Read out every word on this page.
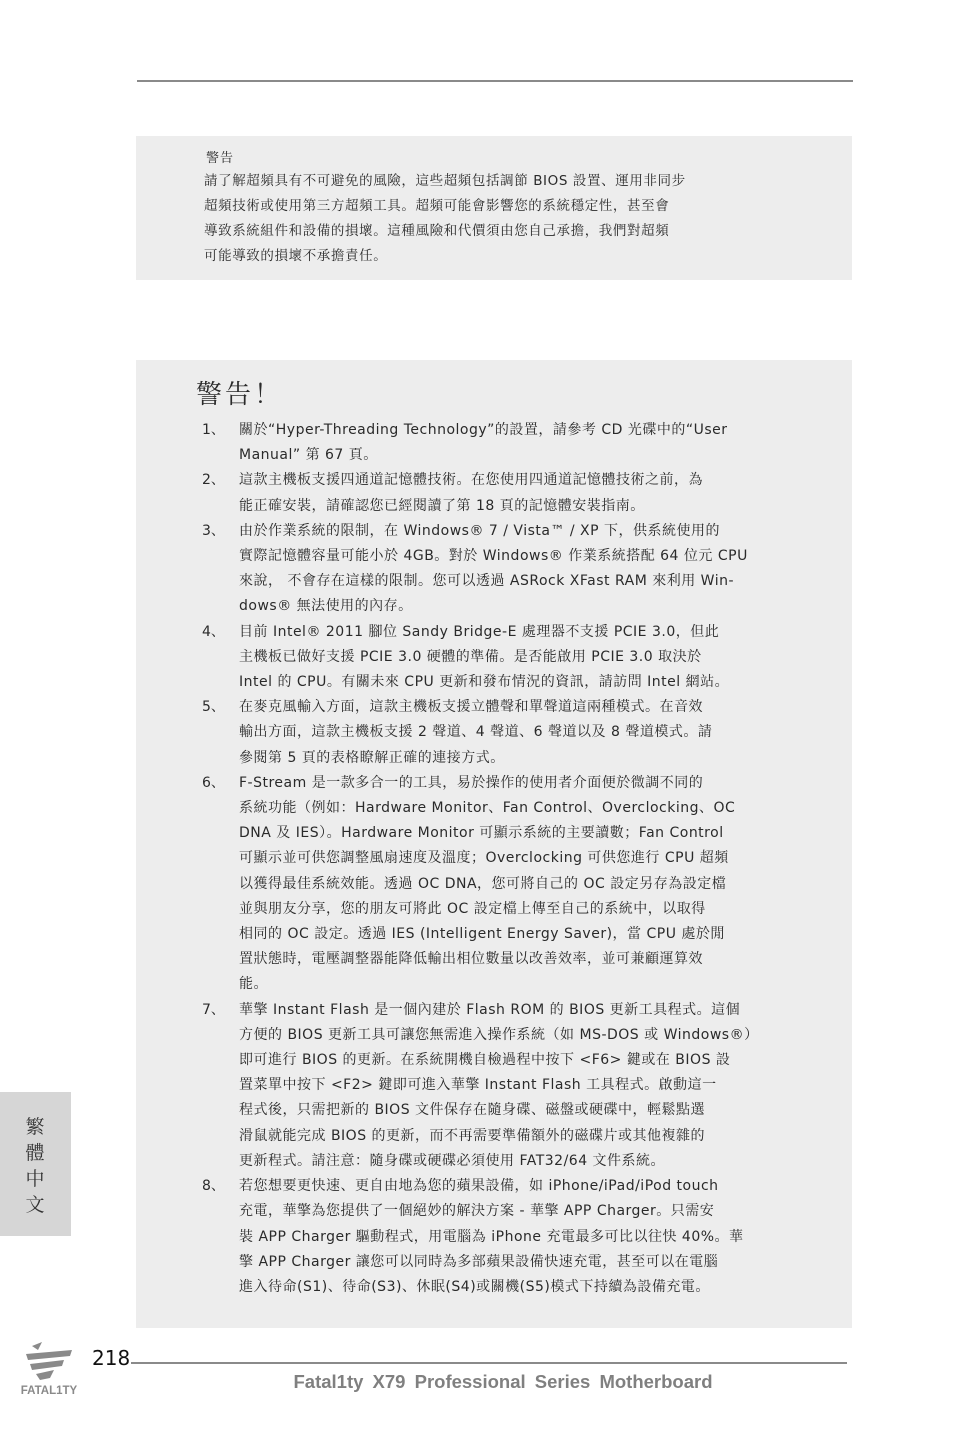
警告
請了解超頻具有不可避免的風險，這些超頻包括調節 BIOS 設置、運用非同步
超頻技術或使用第三方超頻工具。超頻可能會影響您的系統穩定性，甚至會
導致系統組件和設備的損壞。這種風險和代價須由您自己承擔，我們對超頻
可能導致的損壞不承擔責任。
警告！
1、 關於“Hyper-Threading Technology”的設置，請參考 CD 光碟中的“User
Manual” 第 67 頁。
2、 這款主機板支援四通道記憶體技術。在您使用四通道記憶體技術之前，為
能正確安裝，請確認您已經閱讀了第 18 頁的記憶體安裝指南。
3、 由於作業系統的限制，在 Windows® 7 / Vista™ / XP 下，供系統使用的
實際記憶體容量可能小於 4GB。對於 Windows® 作業系統搭配 64 位元 CPU
來說， 不會存在這樣的限制。您可以透過 ASRock XFast RAM 來利用 Win-
dows® 無法使用的內存。
4、 目前 Intel® 2011 腳位 Sandy Bridge-E 處理器不支援 PCIE 3.0，但此
主機板已做好支援 PCIE 3.0 硬體的準備。是否能啟用 PCIE 3.0 取決於
Intel 的 CPU。有關未來 CPU 更新和發布情況的資訊，請訪問 Intel 網站。
5、 在麥克風輸入方面，這款主機板支援立體聲和單聲道這兩種模式。在音效
輸出方面，這款主機板支援 2 聲道、4 聲道、6 聲道以及 8 聲道模式。請
參閱第 5 頁的表格瞭解正確的連接方式。
6、 F-Stream 是一款多合一的工具，易於操作的使用者介面便於微調不同的
系統功能（例如：Hardware Monitor、Fan Control、Overclocking、OC
DNA 及 IES）。Hardware Monitor 可顯示系統的主要讀數；Fan Control
可顯示並可供您調整風扇速度及溫度；Overclocking 可供您進行 CPU 超頻
以獲得最佳系統效能。透過 OC DNA，您可將自己的 OC 設定另存為設定檔
並與朋友分享，您的朋友可將此 OC 設定檔上傳至自己的系統中，以取得
相同的 OC 設定。透過 IES (Intelligent Energy Saver)，當 CPU 處於閒
置狀態時，電壓調整器能降低輸出相位數量以改善效率，並可兼顧運算效
能。
7、 華擎 Instant Flash 是一個內建於 Flash ROM 的 BIOS 更新工具程式。這個
方便的 BIOS 更新工具可讓您無需進入操作系統（如 MS-DOS 或 Windows®）
即可進行 BIOS 的更新。在系統開機自檢過程中按下 <F6> 鍵或在 BIOS 設
置菜單中按下 <F2> 鍵即可進入華擎 Instant Flash 工具程式。啟動這一
程式後，只需把新的 BIOS 文件保存在隨身碟、磁盤或硬碟中，輕鬆點選
滑鼠就能完成 BIOS 的更新，而不再需要準備額外的磁碟片或其他複雜的
更新程式。請注意：隨身碟或硬碟必須使用 FAT32/64 文件系統。
8、 若您想要更快速、更自由地為您的蘋果設備，如 iPhone/iPad/iPod touch
充電，華擎為您提供了一個絕妙的解決方案 - 華擎 APP Charger。只需安
裝 APP Charger 驅動程式，用電腦為 iPhone 充電最多可比以往快 40%。華
擎 APP Charger 讓您可以同時為多部蘋果設備快速充電，甚至可以在電腦
進入待命(S1)、待命(S3)、休眠(S4)或關機(S5)模式下持續為設備充電。
繁體中文
FATAL1TY
218
Fatal1ty X79 Professional Series Motherboard
